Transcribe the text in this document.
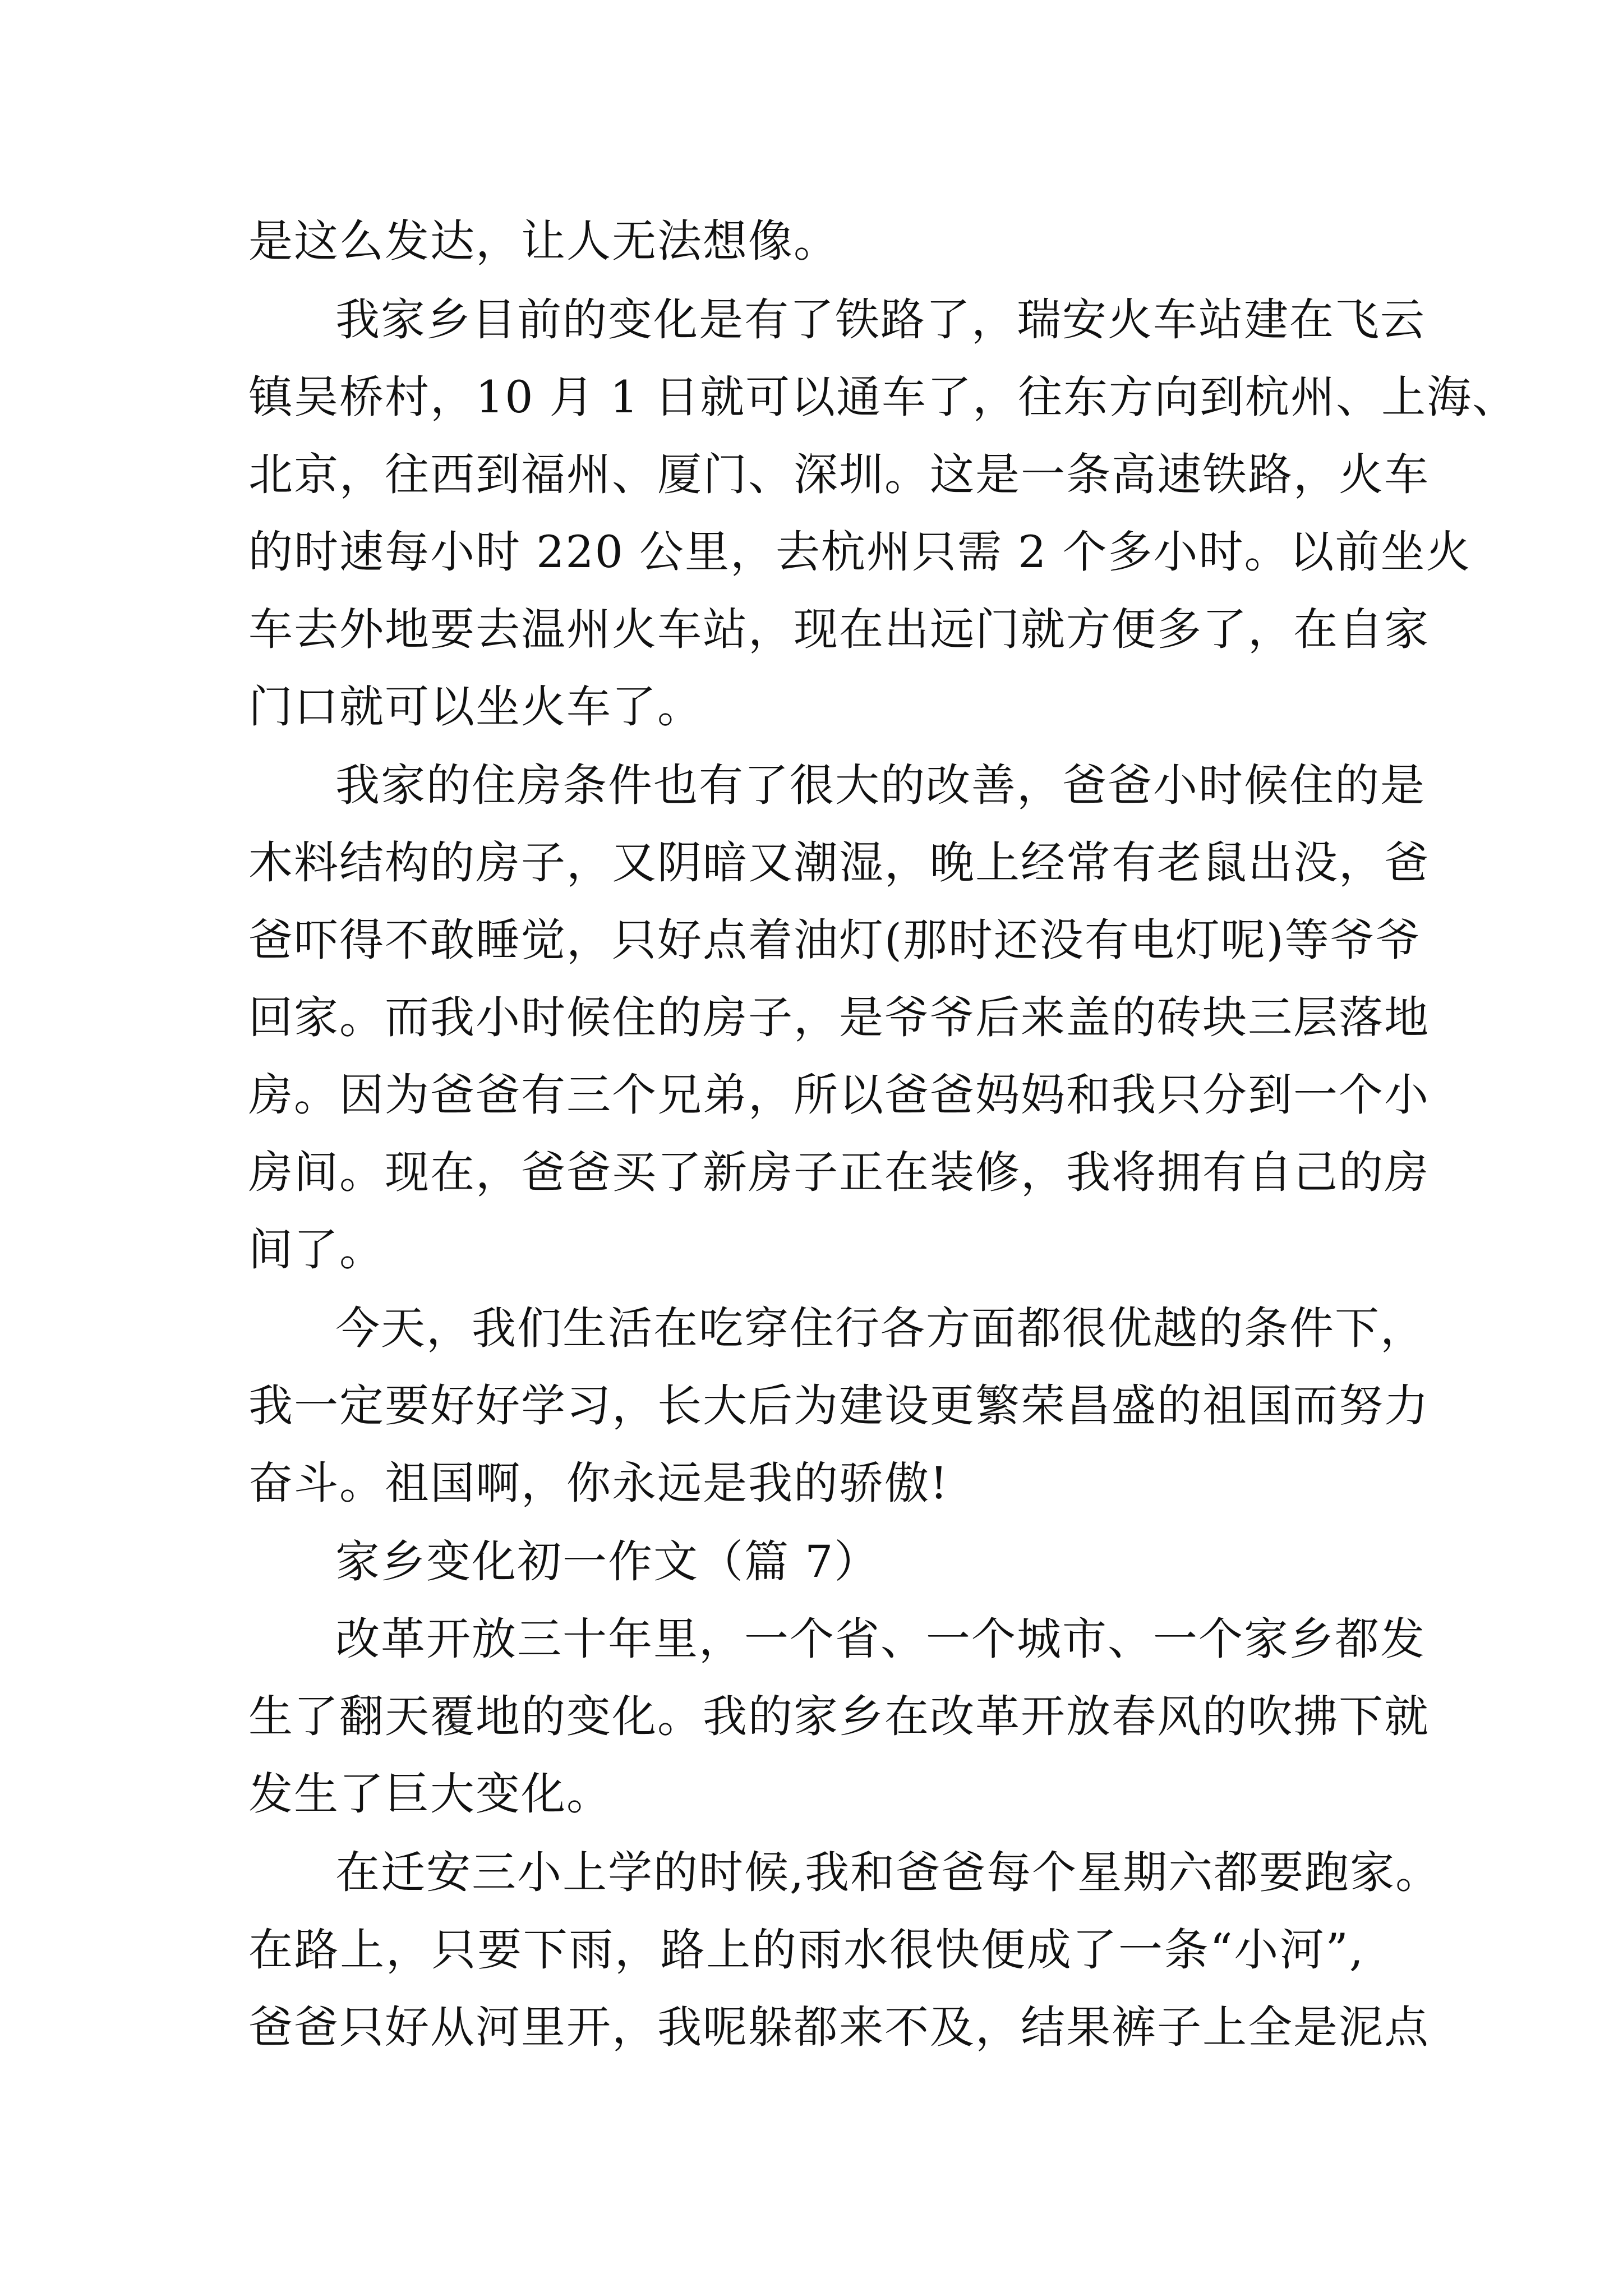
是这么发达，让人无法想像。
我家乡目前的变化是有了铁路了，瑞安火车站建在飞云
镇吴桥村，10 月 1 日就可以通车了，往东方向到杭州、上海、
北京，往西到福州、厦门、深圳。这是一条高速铁路，火车
的时速每小时 220 公里，去杭州只需 2 个多小时。以前坐火
车去外地要去温州火车站，现在出远门就方便多了，在自家
门口就可以坐火车了。
我家的住房条件也有了很大的改善，爸爸小时候住的是
木料结构的房子，又阴暗又潮湿，晚上经常有老鼠出没，爸
爸吓得不敢睡觉，只好点着油灯(那时还没有电灯呢)等爷爷
回家。而我小时候住的房子，是爷爷后来盖的砖块三层落地
房。因为爸爸有三个兄弟，所以爸爸妈妈和我只分到一个小
房间。现在，爸爸买了新房子正在装修，我将拥有自己的房
间了。
今天，我们生活在吃穿住行各方面都很优越的条件下，
我一定要好好学习，长大后为建设更繁荣昌盛的祖国而努力
奋斗。祖国啊，你永远是我的骄傲!
家乡变化初一作文（篇 7）
改革开放三十年里，一个省、一个城市、一个家乡都发
生了翻天覆地的变化。我的家乡在改革开放春风的吹拂下就
发生了巨大变化。
在迁安三小上学的时候,我和爸爸每个星期六都要跑家。
在路上，只要下雨，路上的雨水很快便成了一条“小河”,
爸爸只好从河里开，我呢躲都来不及，结果裤子上全是泥点
